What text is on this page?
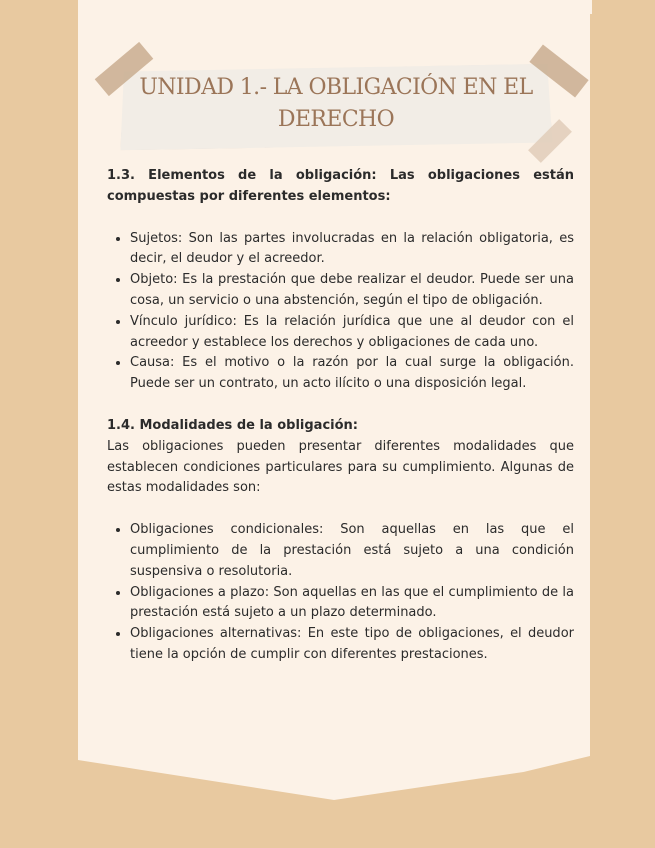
UNIDAD 1.- LA OBLIGACIÓN EN EL DERECHO

1.3. Elementos de la obligación: Las obligaciones están compuestas por diferentes elementos:

• Sujetos: Son las partes involucradas en la relación obligatoria, es decir, el deudor y el acreedor.
• Objeto: Es la prestación que debe realizar el deudor. Puede ser una cosa, un servicio o una abstención, según el tipo de obligación.
• Vínculo jurídico: Es la relación jurídica que une al deudor con el acreedor y establece los derechos y obligaciones de cada uno.
• Causa: Es el motivo o la razón por la cual surge la obligación. Puede ser un contrato, un acto ilícito o una disposición legal.

1.4. Modalidades de la obligación:

Las obligaciones pueden presentar diferentes modalidades que establecen condiciones particulares para su cumplimiento. Algunas de estas modalidades son:

• Obligaciones condicionales: Son aquellas en las que el cumplimiento de la prestación está sujeto a una condición suspensiva o resolutoria.
• Obligaciones a plazo: Son aquellas en las que el cumplimiento de la prestación está sujeto a un plazo determinado.
• Obligaciones alternativas: En este tipo de obligaciones, el deudor tiene la opción de cumplir con diferentes prestaciones.
